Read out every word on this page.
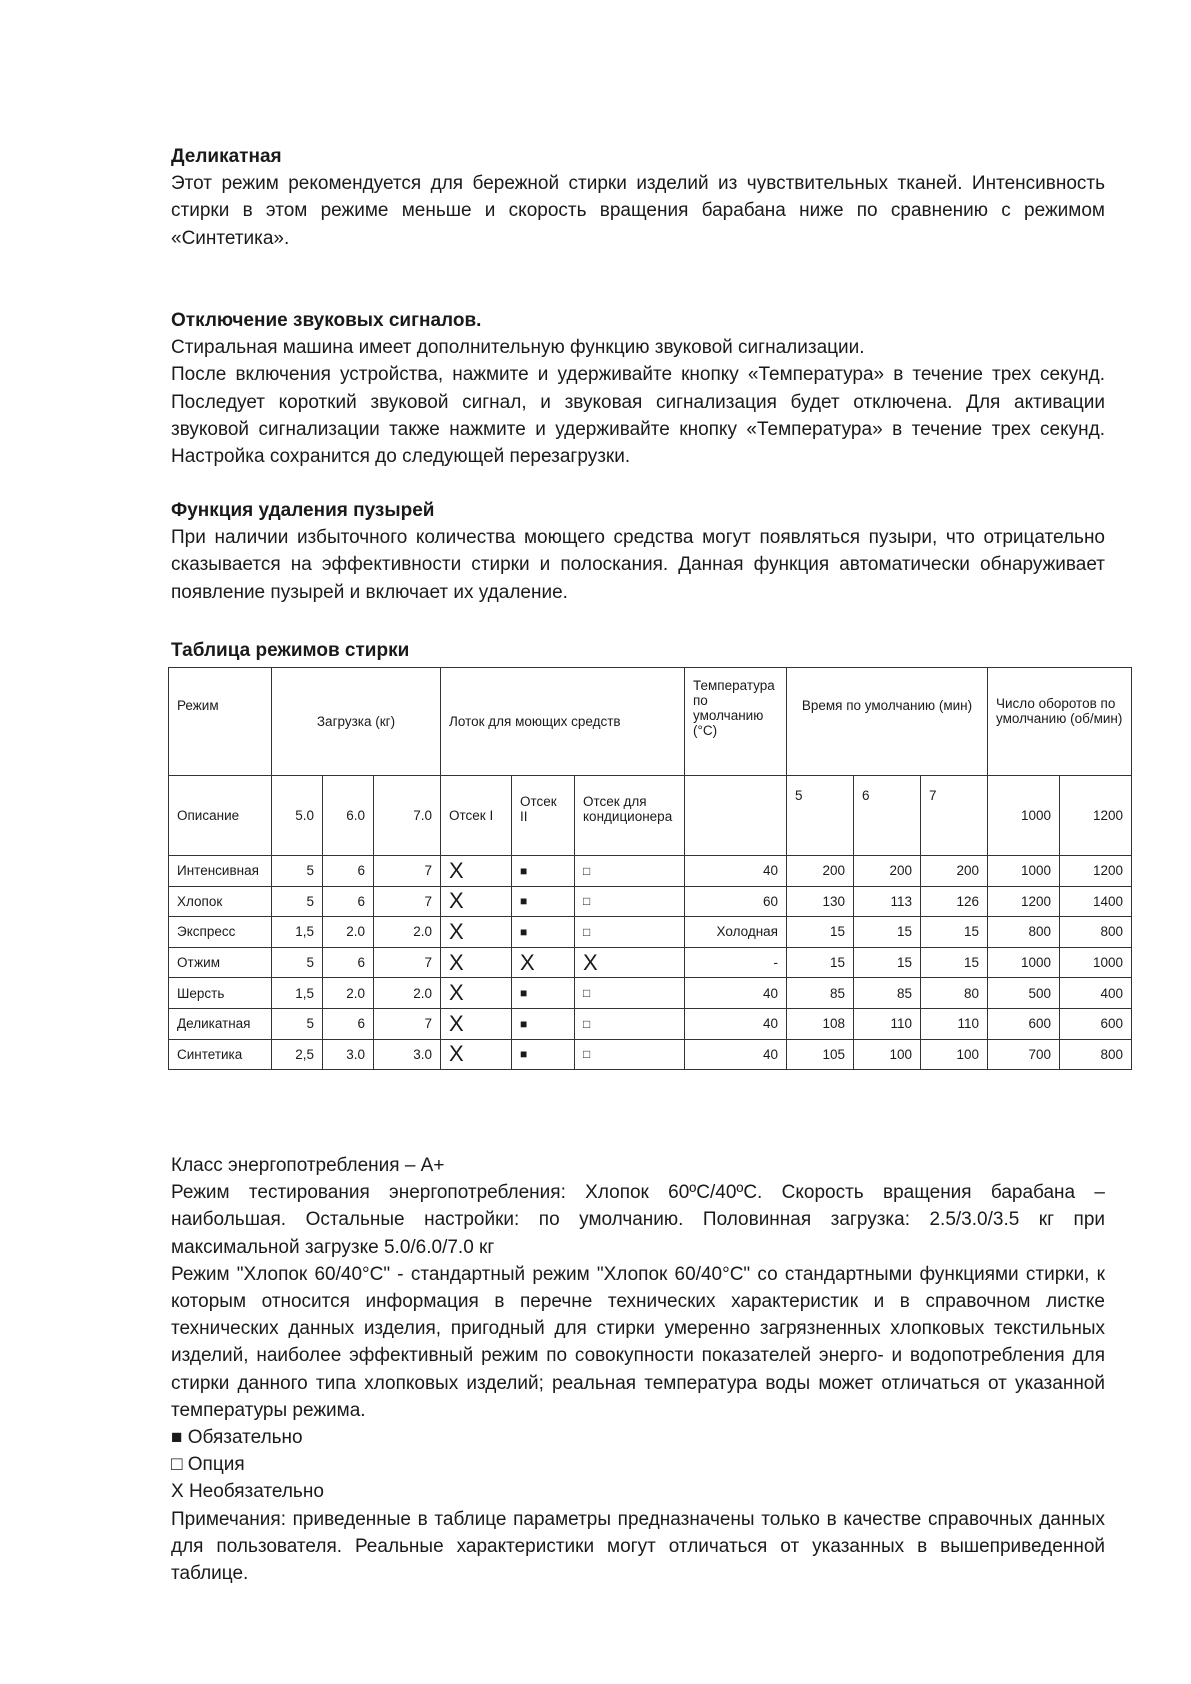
Деликатная
Этот режим рекомендуется для бережной стирки изделий из чувствительных тканей. Интенсивность
стирки в этом режиме меньше и скорость вращения барабана ниже по сравнению с режимом
«Синтетика».
Отключение звуковых сигналов.
Стиральная машина имеет дополнительную функцию звуковой сигнализации.
После включения устройства, нажмите и удерживайте кнопку «Температура» в течение трех секунд.
Последует короткий звуковой сигнал, и звуковая сигнализация будет отключена. Для активации
звуковой сигнализации также нажмите и удерживайте кнопку «Температура» в течение трех секунд.
Настройка сохранится до следующей перезагрузки.
Функция удаления пузырей
При наличии избыточного количества моющего средства могут появляться пузыри, что отрицательно
сказывается на эффективности стирки и полоскания. Данная функция автоматически обнаруживает
появление пузырей и включает их удаление.
Таблица режимов стирки
Режим	Загрузка (кг)			Лоток для моющих средств			Температура по умолчанию (°C)	Время по умолчанию (мин)			Число оборотов по умолчанию (об/мин)	
Описание	5.0	6.0	7.0	Отсек I	Отсек II	Отсек для кондиционера		5	6	7	1000	1200
Интенсивная	5	6	7	X	■	□	40	200	200	200	1000	1200
Хлопок	5	6	7	X	■	□	60	130	113	126	1200	1400
Экспресс	1,5	2.0	2.0	X	■	□	Холодная	15	15	15	800	800
Отжим	5	6	7	X	X	X	-	15	15	15	1000	1000
Шерсть	1,5	2.0	2.0	X	■	□	40	85	85	80	500	400
Деликатная	5	6	7	X	■	□	40	108	110	110	600	600
Синтетика	2,5	3.0	3.0	X	■	□	40	105	100	100	700	800
Класс энергопотребления – A+
Режим тестирования энергопотребления: Хлопок 60ºC/40ºC. Скорость вращения барабана –
наибольшая. Остальные настройки: по умолчанию. Половинная загрузка: 2.5/3.0/3.5 кг при
максимальной загрузке 5.0/6.0/7.0 кг
Режим "Хлопок 60/40°C" - стандартный режим "Хлопок 60/40°C" со стандартными функциями стирки, к
которым относится информация в перечне технических характеристик и в справочном листке
технических данных изделия, пригодный для стирки умеренно загрязненных хлопковых текстильных
изделий, наиболее эффективный режим по совокупности показателей энерго- и водопотребления для
стирки данного типа хлопковых изделий; реальная температура воды может отличаться от указанной
температуры режима.
■ Обязательно
□ Опция
X Необязательно
Примечания: приведенные в таблице параметры предназначены только в качестве справочных данных
для пользователя. Реальные характеристики могут отличаться от указанных в вышеприведенной
таблице.
